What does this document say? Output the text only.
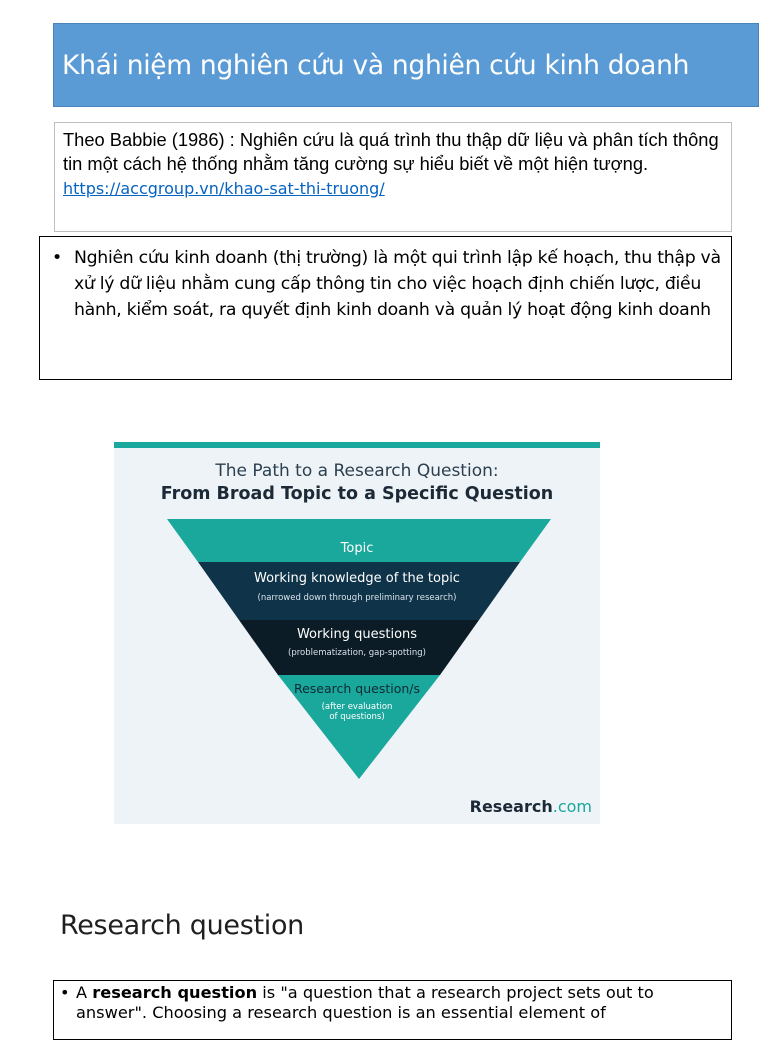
Khái niệm nghiên cứu và nghiên cứu kinh doanh
Theo Babbie (1986) : Nghiên cứu là quá trình thu thập dữ liệu và phân tích thông tin một cách hệ thống nhằm tăng cường sự hiểu biết về một hiện tượng. https://accgroup.vn/khao-sat-thi-truong/
• Nghiên cứu kinh doanh (thị trường) là một qui trình lập kế hoạch, thu thập và xử lý dữ liệu nhằm cung cấp thông tin cho việc hoạch định chiến lược, điều hành, kiểm soát, ra quyết định kinh doanh và quản lý hoạt động kinh doanh
The Path to a Research Question:
From Broad Topic to a Specific Question
Topic
Working knowledge of the topic
(narrowed down through preliminary research)
Working questions
(problematization, gap-spotting)
Research question/s
(after evaluation
of questions)
Research.com
Research question
• A research question is "a question that a research project sets out to answer". Choosing a research question is an essential element of
